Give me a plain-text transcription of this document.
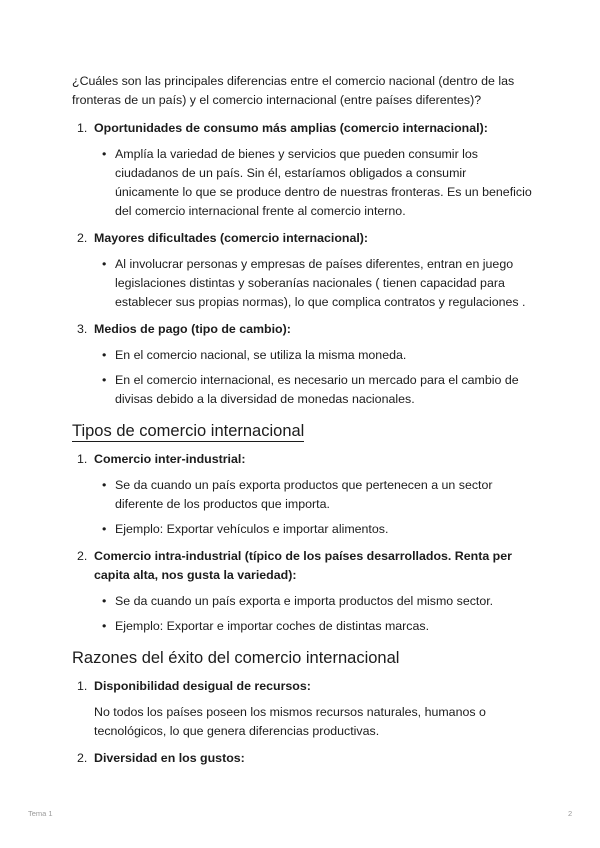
¿Cuáles son las principales diferencias entre el comercio nacional (dentro de las fronteras de un país) y el comercio internacional (entre países diferentes)?

1. Oportunidades de consumo más amplias (comercio internacional):
• Amplía la variedad de bienes y servicios que pueden consumir los ciudadanos de un país. Sin él, estaríamos obligados a consumir únicamente lo que se produce dentro de nuestras fronteras. Es un beneficio del comercio internacional frente al comercio interno.
2. Mayores dificultades (comercio internacional):
• Al involucrar personas y empresas de países diferentes, entran en juego legislaciones distintas y soberanías nacionales ( tienen capacidad para establecer sus propias normas), lo que complica contratos y regulaciones .
3. Medios de pago (tipo de cambio):
• En el comercio nacional, se utiliza la misma moneda.
• En el comercio internacional, es necesario un mercado para el cambio de divisas debido a la diversidad de monedas nacionales.
Tipos de comercio internacional
1. Comercio inter-industrial:
• Se da cuando un país exporta productos que pertenecen a un sector diferente de los productos que importa.
• Ejemplo: Exportar vehículos e importar alimentos.
2. Comercio intra-industrial (típico de los países desarrollados. Renta per capita alta, nos gusta la variedad):
• Se da cuando un país exporta e importa productos del mismo sector.
• Ejemplo: Exportar e importar coches de distintas marcas.
Razones del éxito del comercio internacional
1. Disponibilidad desigual de recursos:

No todos los países poseen los mismos recursos naturales, humanos o tecnológicos, lo que genera diferencias productivas.

2. Diversidad en los gustos:
Tema 1	2
